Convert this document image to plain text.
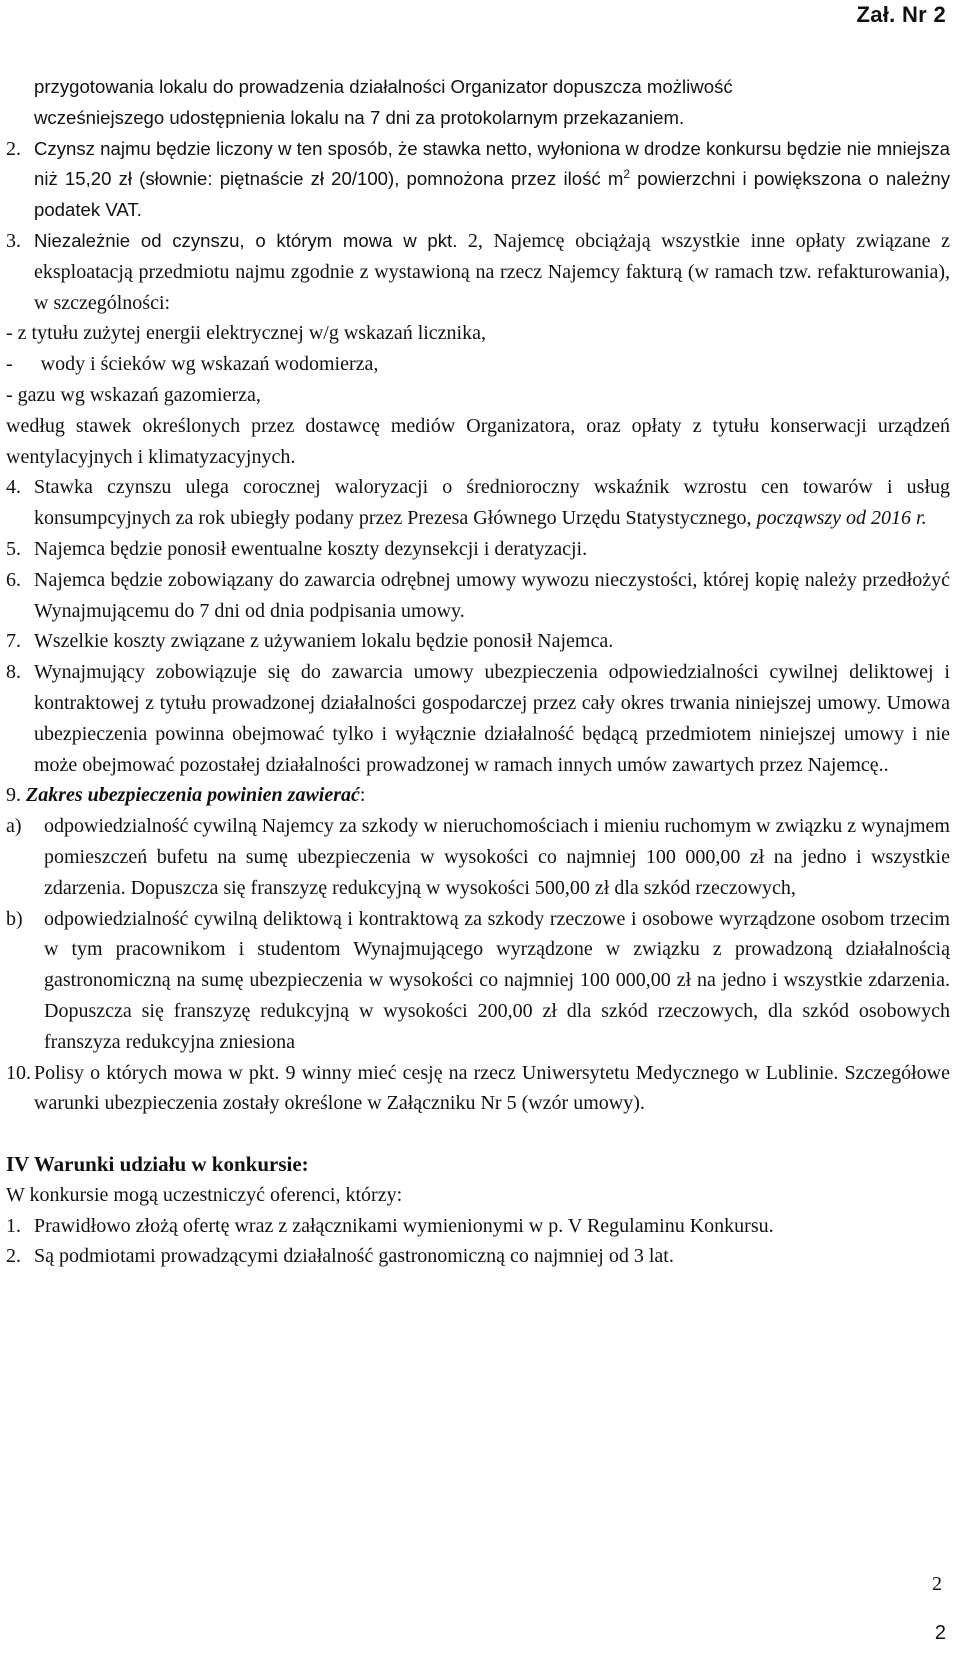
Zał. Nr 2
przygotowania lokalu do prowadzenia działalności Organizator dopuszcza możliwość
wcześniejszego udostępnienia lokalu na 7 dni za protokolarnym przekazaniem.
2. Czynsz najmu będzie liczony w ten sposób, że stawka netto, wyłoniona w drodze konkursu będzie nie mniejsza niż 15,20 zł (słownie: piętnaście zł 20/100), pomnożona przez ilość $m^2$ powierzchni i powiększona o należny podatek VAT.
3. Niezależnie od czynszu, o którym mowa w pkt. 2, Najemcę obciążają wszystkie inne opłaty związane z eksploatacją przedmiotu najmu zgodnie z wystawioną na rzecz Najemcy fakturą (w ramach tzw. refakturowania), w szczególności:
- z tytułu zużytej energii elektrycznej w/g wskazań licznika,
- wody i ścieków wg wskazań wodomierza,
- gazu wg wskazań gazomierza,
według stawek określonych przez dostawcę mediów Organizatora, oraz opłaty z tytułu konserwacji urządzeń wentylacyjnych i klimatyzacyjnych.
4. Stawka czynszu ulega corocznej waloryzacji o średnioroczny wskaźnik wzrostu cen towarów i usług konsumpcyjnych za rok ubiegły podany przez Prezesa Głównego Urzędu Statystycznego, począwszy od 2016 r.
5. Najemca będzie ponosił ewentualne koszty dezynsekcji i deratyzacji.
6. Najemca będzie zobowiązany do zawarcia odrębnej umowy wywozu nieczystości, której kopię należy przedłożyć Wynajmującemu do 7 dni od dnia podpisania umowy.
7. Wszelkie koszty związane z używaniem lokalu będzie ponosił Najemca.
8. Wynajmujący zobowiązuje się do zawarcia umowy ubezpieczenia odpowiedzialności cywilnej deliktowej i kontraktowej z tytułu prowadzonej działalności gospodarczej przez cały okres trwania niniejszej umowy. Umowa ubezpieczenia powinna obejmować tylko i wyłącznie działalność będącą przedmiotem niniejszej umowy i nie może obejmować pozostałej działalności prowadzonej w ramach innych umów zawartych przez Najemcę..
9. Zakres ubezpieczenia powinien zawierać:
a) odpowiedzialność cywilną Najemcy za szkody w nieruchomościach i mieniu ruchomym w związku z wynajmem pomieszczeń bufetu na sumę ubezpieczenia w wysokości co najmniej 100 000,00 zł na jedno i wszystkie zdarzenia. Dopuszcza się franszyzę redukcyjną w wysokości 500,00 zł dla szkód rzeczowych,
b) odpowiedzialność cywilną deliktową i kontraktową za szkody rzeczowe i osobowe wyrządzone osobom trzecim w tym pracownikom i studentom Wynajmującego wyrządzone w związku z prowadzoną działalnością gastronomiczną na sumę ubezpieczenia w wysokości co najmniej 100 000,00 zł na jedno i wszystkie zdarzenia. Dopuszcza się franszyzę redukcyjną w wysokości 200,00 zł dla szkód rzeczowych, dla szkód osobowych franszyza redukcyjna zniesiona
10. Polisy o których mowa w pkt. 9 winny mieć cesję na rzecz Uniwersytetu Medycznego w Lublinie. Szczegółowe warunki ubezpieczenia zostały określone w Załączniku Nr 5 (wzór umowy).
IV Warunki udziału w konkursie:
W konkursie mogą uczestniczyć oferenci, którzy:
1. Prawidłowo złożą ofertę wraz z załącznikami wymienionymi w p. V Regulaminu Konkursu.
2. Są podmiotami prowadzącymi działalność gastronomiczną co najmniej od 3 lat.
2
2
